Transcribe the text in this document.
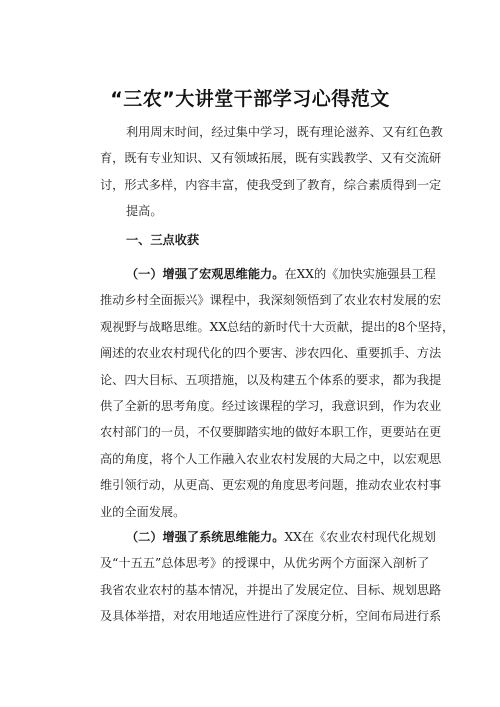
“三农”大讲堂干部学习心得范文
利用周末时间，经过集中学习，既有理论滋养、又有红色教
育，既有专业知识、又有领域拓展，既有实践教学、又有交流研
讨，形式多样，内容丰富，使我受到了教育，综合素质得到一定
提高。
一、三点收获
（一）增强了宏观思维能力。在XX的《加快实施强县工程
推动乡村全面振兴》课程中，我深刻领悟到了农业农村发展的宏
观视野与战略思维。XX总结的新时代十大贡献，提出的8个坚持，
阐述的农业农村现代化的四个要害、涉农四化、重要抓手、方法
论、四大目标、五项措施，以及构建五个体系的要求，都为我提
供了全新的思考角度。经过该课程的学习，我意识到，作为农业
农村部门的一员，不仅要脚踏实地的做好本职工作，更要站在更
高的角度，将个人工作融入农业农村发展的大局之中，以宏观思
维引领行动，从更高、更宏观的角度思考问题，推动农业农村事
业的全面发展。
（二）增强了系统思维能力。XX在《农业农村现代化规划
及“十五五”总体思考》的授课中，从优劣两个方面深入剖析了
我省农业农村的基本情况，并提出了发展定位、目标、规划思路
及具体举措，对农用地适应性进行了深度分析，空间布局进行系
